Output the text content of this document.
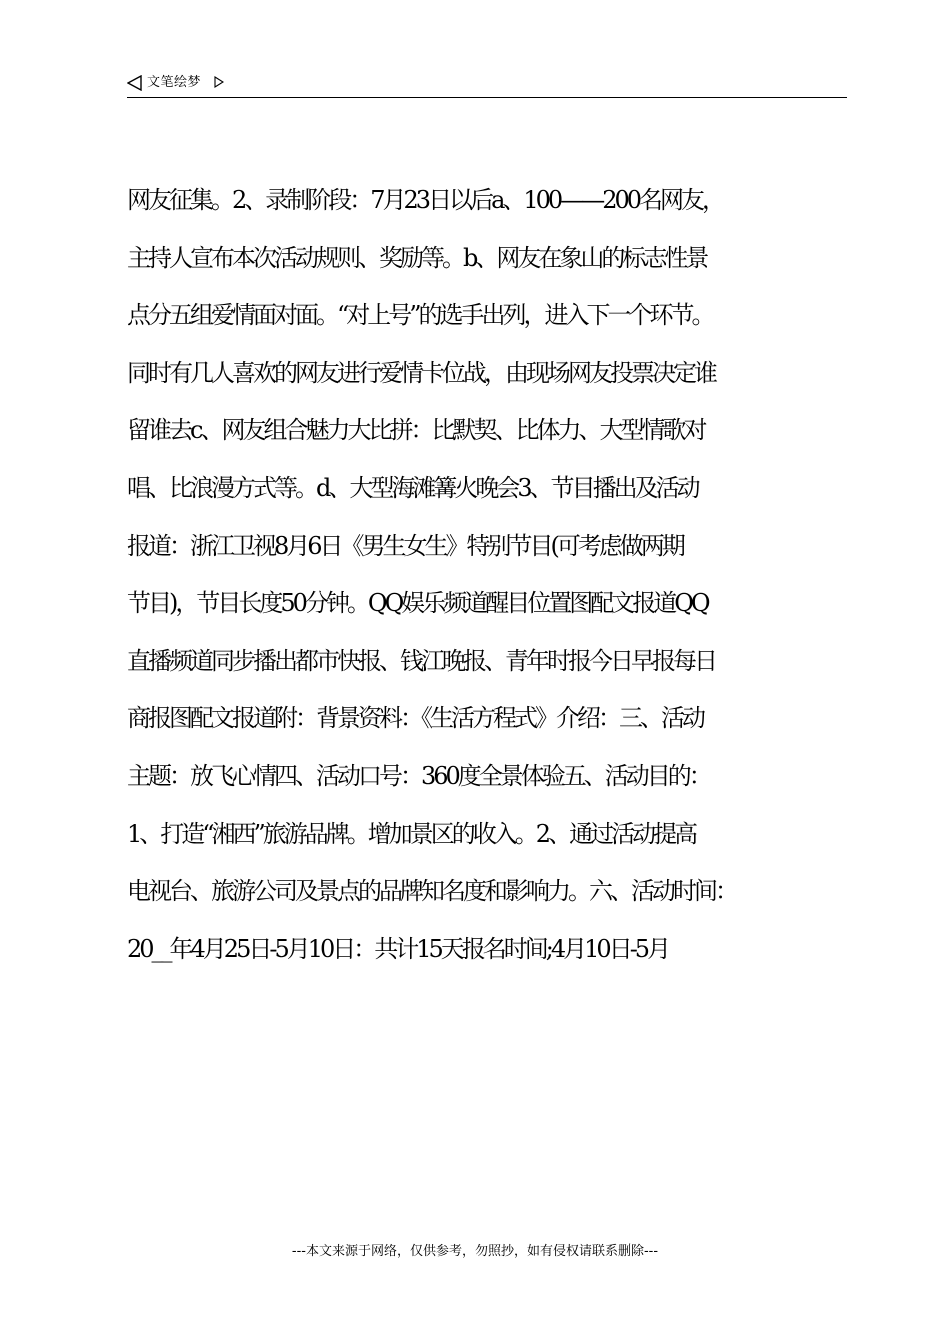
文笔绘梦
网友征集。2、录制阶段：7月23日以后a、100——200名网友，
主持人宣布本次活动规则、奖励等。b、网友在象山的标志性景
点分五组爱情面对面。“对上号”的选手出列，进入下一个环节。
同时有几人喜欢的网友进行爱情卡位战，由现场网友投票决定谁
留谁去c、网友组合魅力大比拼：比默契、比体力、大型情歌对
唱、比浪漫方式等。d、大型海滩篝火晚会3、节目播出及活动
报道：浙江卫视8月6日《男生女生》特别节目(可考虑做两期
节目)，节目长度50分钟。QQ娱乐频道醒目位置图配文报道QQ
直播频道同步播出都市快报、钱江晚报、青年时报今日早报每日
商报图配文报道附：背景资料：《生活方程式》介绍：三、活动
主题：放飞心情四、活动口号：360度全景体验五、活动目的：
1、打造“湘西”旅游品牌。增加景区的收入。2、通过活动提高
电视台、旅游公司及景点的品牌知名度和影响力。六、活动时间：
20__年4月25日-5月10日：共计15天报名时间;4月10日-5月
---本文来源于网络，仅供参考，勿照抄，如有侵权请联系删除---
